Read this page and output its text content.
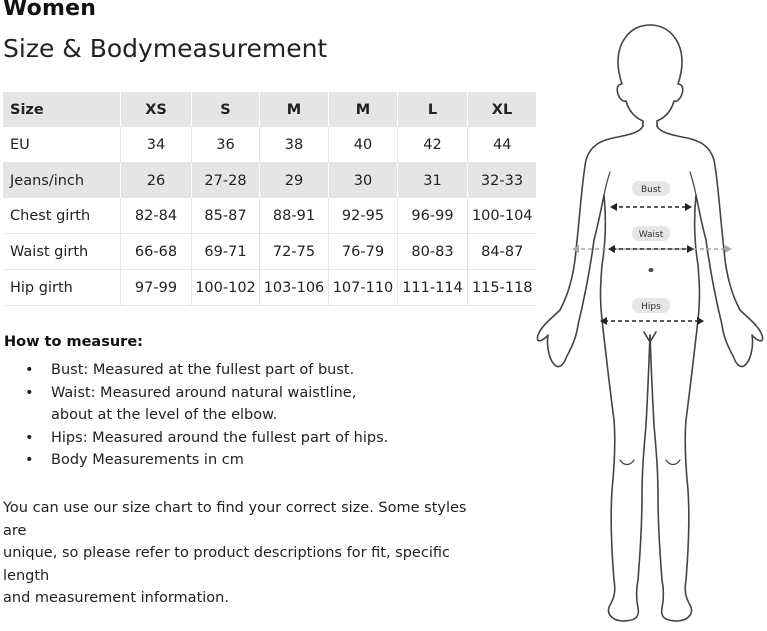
Women
Size & Bodymeasurement
Size	XS	S	M	M	L	XL
EU	34	36	38	40	42	44
Jeans/inch	26	27-28	29	30	31	32-33
Chest girth	82-84	85-87	88-91	92-95	96-99	100-104
Waist girth	66-68	69-71	72-75	76-79	80-83	84-87
Hip girth	97-99	100-102	103-106	107-110	111-114	115-118
How to measure:
• Bust: Measured at the fullest part of bust.
• Waist: Measured around natural waistline,
about at the level of the elbow.
• Hips: Measured around the fullest part of hips.
• Body Measurements in cm
You can use our size chart to find your correct size. Some styles are
unique, so please refer to product descriptions for fit, specific length
and measurement information.
Bust
Waist
Hips
